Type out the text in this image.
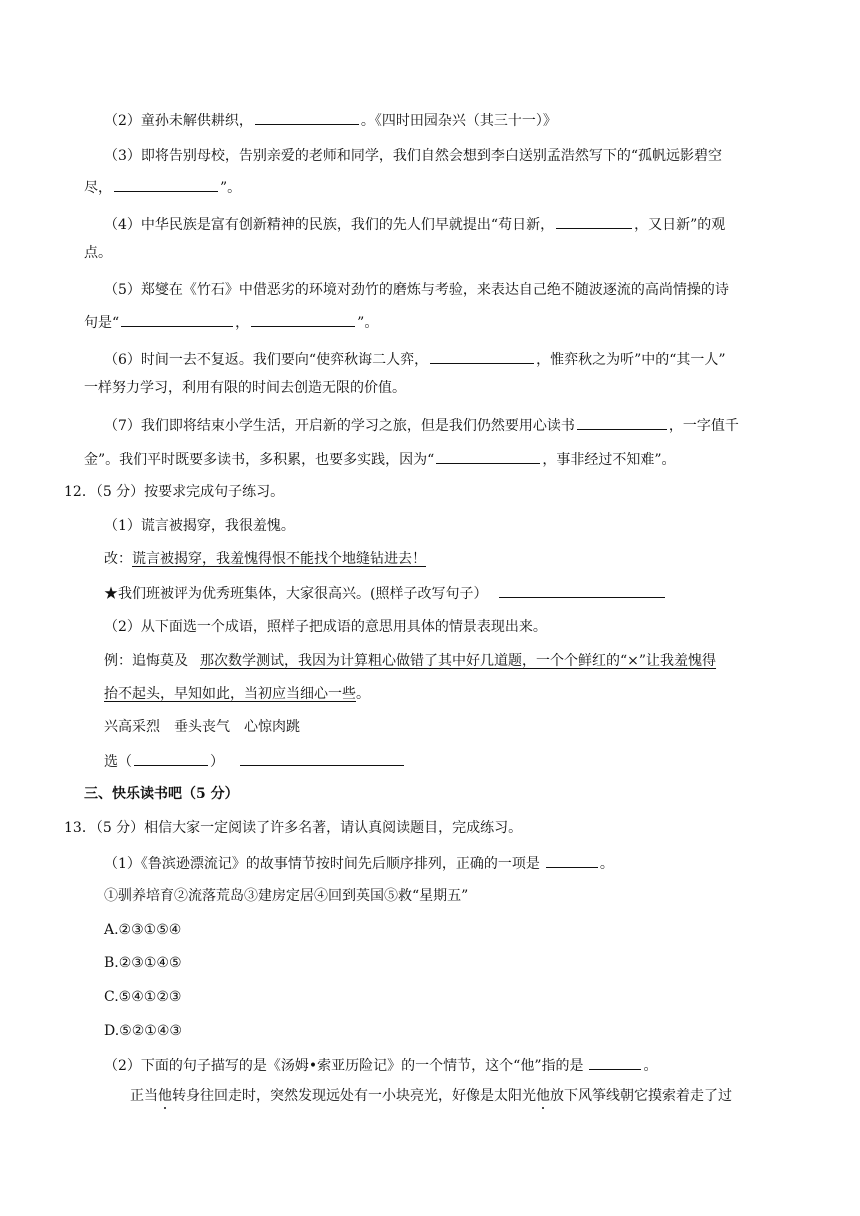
（2）童孙未解供耕织，	。《四时田园杂兴（其三十一）》
（3）即将告别母校，告别亲爱的老师和同学，我们自然会想到李白送别孟浩然写下的“孤帆远影碧空
尽，	”。
（4）中华民族是富有创新精神的民族，我们的先人们早就提出“苟日新，	，又日新”的观
点。
（5）郑燮在《竹石》中借恶劣的环境对劲竹的磨炼与考验，来表达自己绝不随波逐流的高尚情操的诗
句是“	，	”。
（6）时间一去不复返。我们要向“使弈秋诲二人弈，	，惟弈秋之为听”中的“其一人”
一样努力学习，利用有限的时间去创造无限的价值。
（7）我们即将结束小学生活，开启新的学习之旅，但是我们仍然要用心读书	，一字值千
金”。我们平时既要多读书，多积累，也要多实践，因为“	，事非经过不知难”。
12．（5 分）按要求完成句子练习。
（1）谎言被揭穿，我很羞愧。
改：谎言被揭穿，我羞愧得恨不能找个地缝钻进去！
★我们班被评为优秀班集体，大家很高兴。(照样子改写句子）
（2）从下面选一个成语，照样子把成语的意思用具体的情景表现出来。
例：追悔莫及 那次数学测试，我因为计算粗心做错了其中好几道题，一个个鲜红的“×”让我羞愧得
抬不起头，早知如此，当初应当细心一些。
兴高采烈　垂头丧气　心惊肉跳
选（	）
三、快乐读书吧（5 分）
13．（5 分）相信大家一定阅读了许多名著，请认真阅读题目，完成练习。
（1）《鲁滨逊漂流记》的故事情节按时间先后顺序排列，正确的一项是	。
①驯养培育②流落荒岛③建房定居④回到英国⑤救“星期五”
A.②③①⑤④
B.②③①④⑤
C.⑤④①②③
D.⑤②①④③
（2）下面的句子描写的是《汤姆•索亚历险记》的一个情节，这个“他”指的是	。
正当他转身往回走时，突然发现远处有一小块亮光，好像是太阳光他放下风筝线朝它摸索着走了过
